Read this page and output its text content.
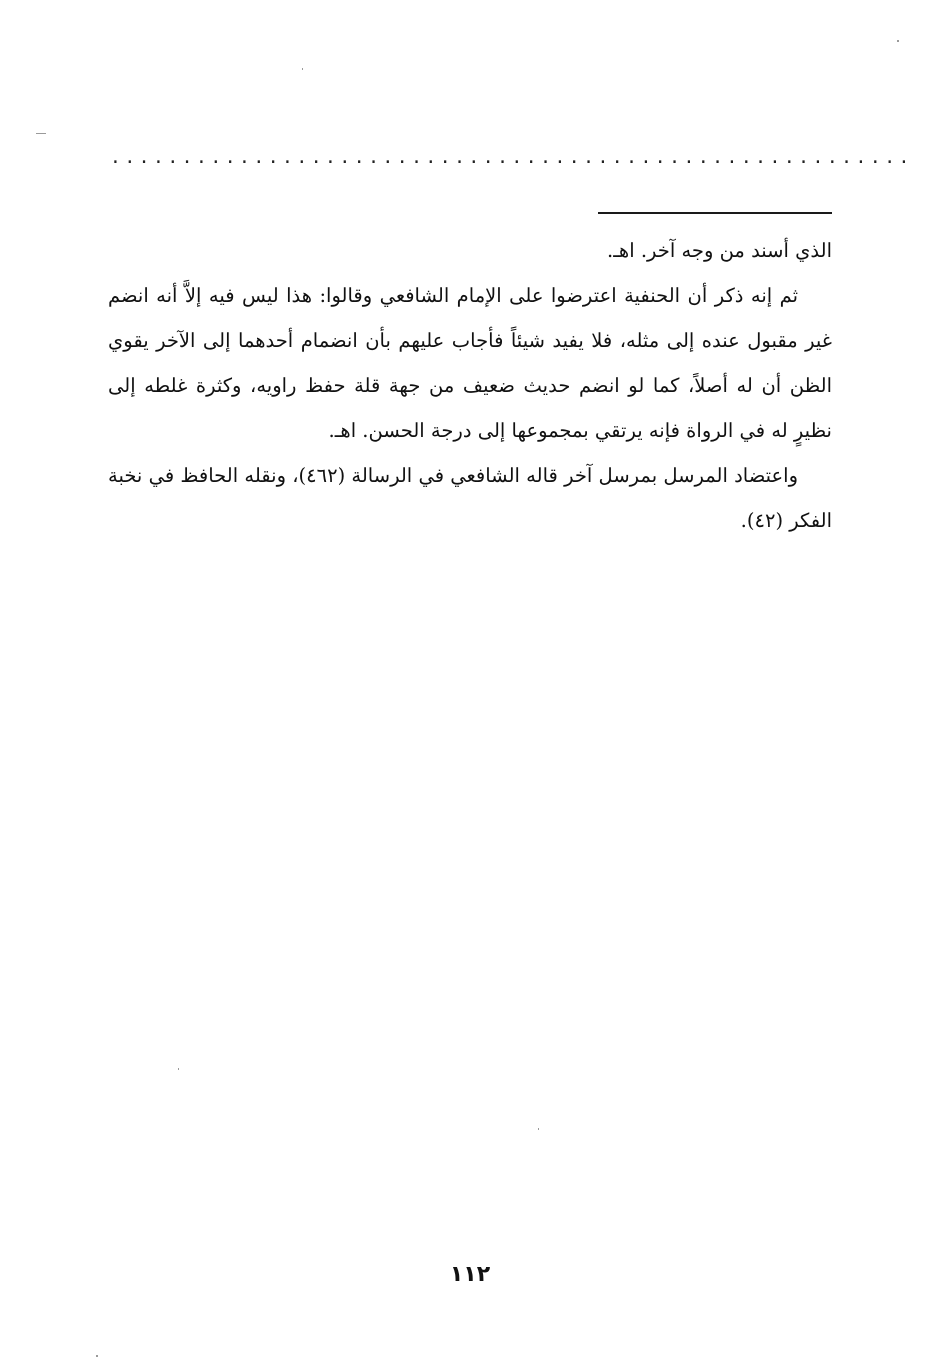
........................................................

الذي أسند من وجه آخر. اهـ.

ثم إنه ذكر أن الحنفية اعترضوا على الإمام الشافعي وقالوا: هذا ليس فيه إلاَّ أنه انضم غير مقبول عنده إلى مثله، فلا يفيد شيئاً فأجاب عليهم بأن انضمام أحدهما إلى الآخر يقوي الظن أن له أصلاً، كما لو انضم حديث ضعيف من جهة قلة حفظ راويه، وكثرة غلطه إلى نظيرٍ له في الرواة فإنه يرتقي بمجموعها إلى درجة الحسن. اهـ.

واعتضاد المرسل بمرسل آخر قاله الشافعي في الرسالة (٤٦٢)، ونقله الحافظ في نخبة الفكر (٤٢).

١١٢
